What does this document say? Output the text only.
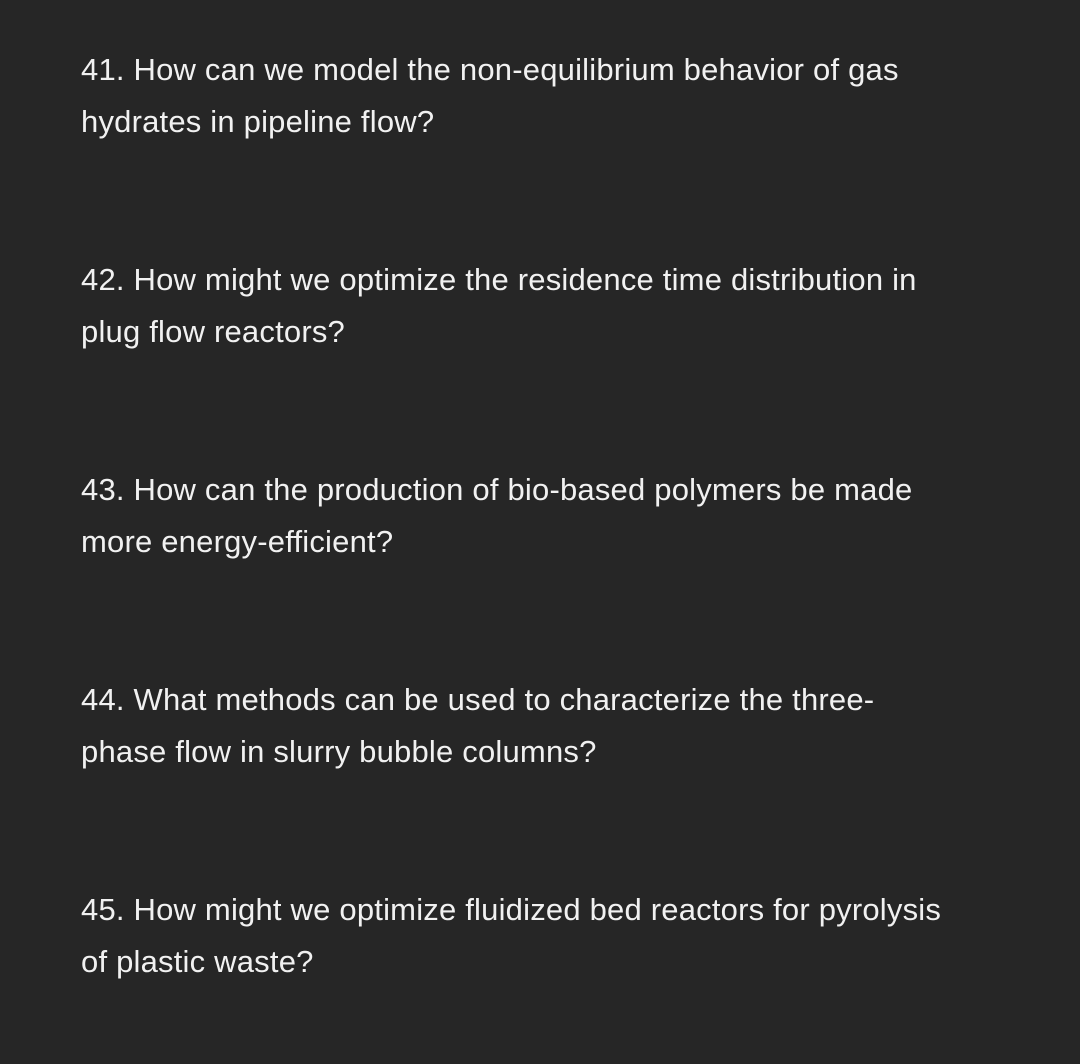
41. How can we model the non-equilibrium behavior of gas
hydrates in pipeline flow?
42. How might we optimize the residence time distribution in
plug flow reactors?
43. How can the production of bio-based polymers be made
more energy-efficient?
44. What methods can be used to characterize the three-
phase flow in slurry bubble columns?
45. How might we optimize fluidized bed reactors for pyrolysis
of plastic waste?
